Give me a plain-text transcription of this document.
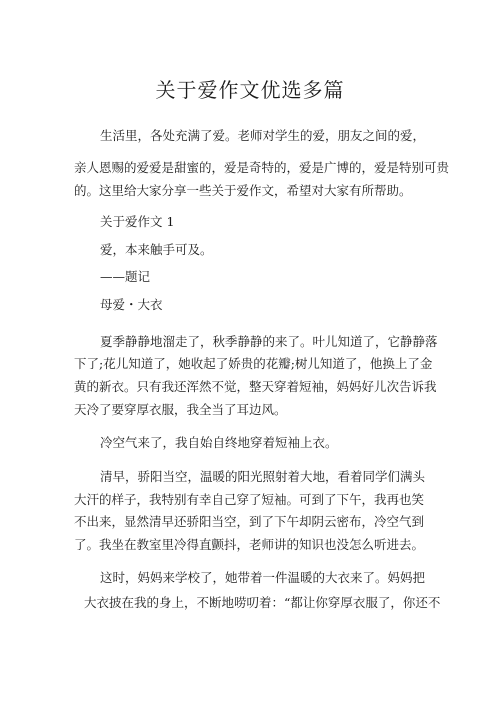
关于爱作文优选多篇
生活里，各处充满了爱。老师对学生的爱，朋友之间的爱，
亲人恩赐的爱爱是甜蜜的，爱是奇特的，爱是广博的，爱是特别可贵
的。这里给大家分享一些关于爱作文，希望对大家有所帮助。
关于爱作文 1
爱，本来触手可及。
——题记
母爱・大衣
夏季静静地溜走了，秋季静静的来了。叶儿知道了，它静静落
下了;花儿知道了，她收起了娇贵的花瓣;树儿知道了，他换上了金
黄的新衣。只有我还浑然不觉，整天穿着短袖，妈妈好儿次告诉我
天冷了要穿厚衣服，我全当了耳边风。
冷空气来了，我自始自终地穿着短袖上衣。
清早，骄阳当空，温暖的阳光照射着大地，看着同学们满头
大汗的样子，我特别有幸自己穿了短袖。可到了下午，我再也笑
不出来，显然清早还骄阳当空，到了下午却阴云密布，冷空气到
了。我坐在教室里冷得直颤抖，老师讲的知识也没怎么听进去。
这时，妈妈来学校了，她带着一件温暖的大衣来了。妈妈把
大衣披在我的身上，不断地唠叨着：“都让你穿厚衣服了，你还不
